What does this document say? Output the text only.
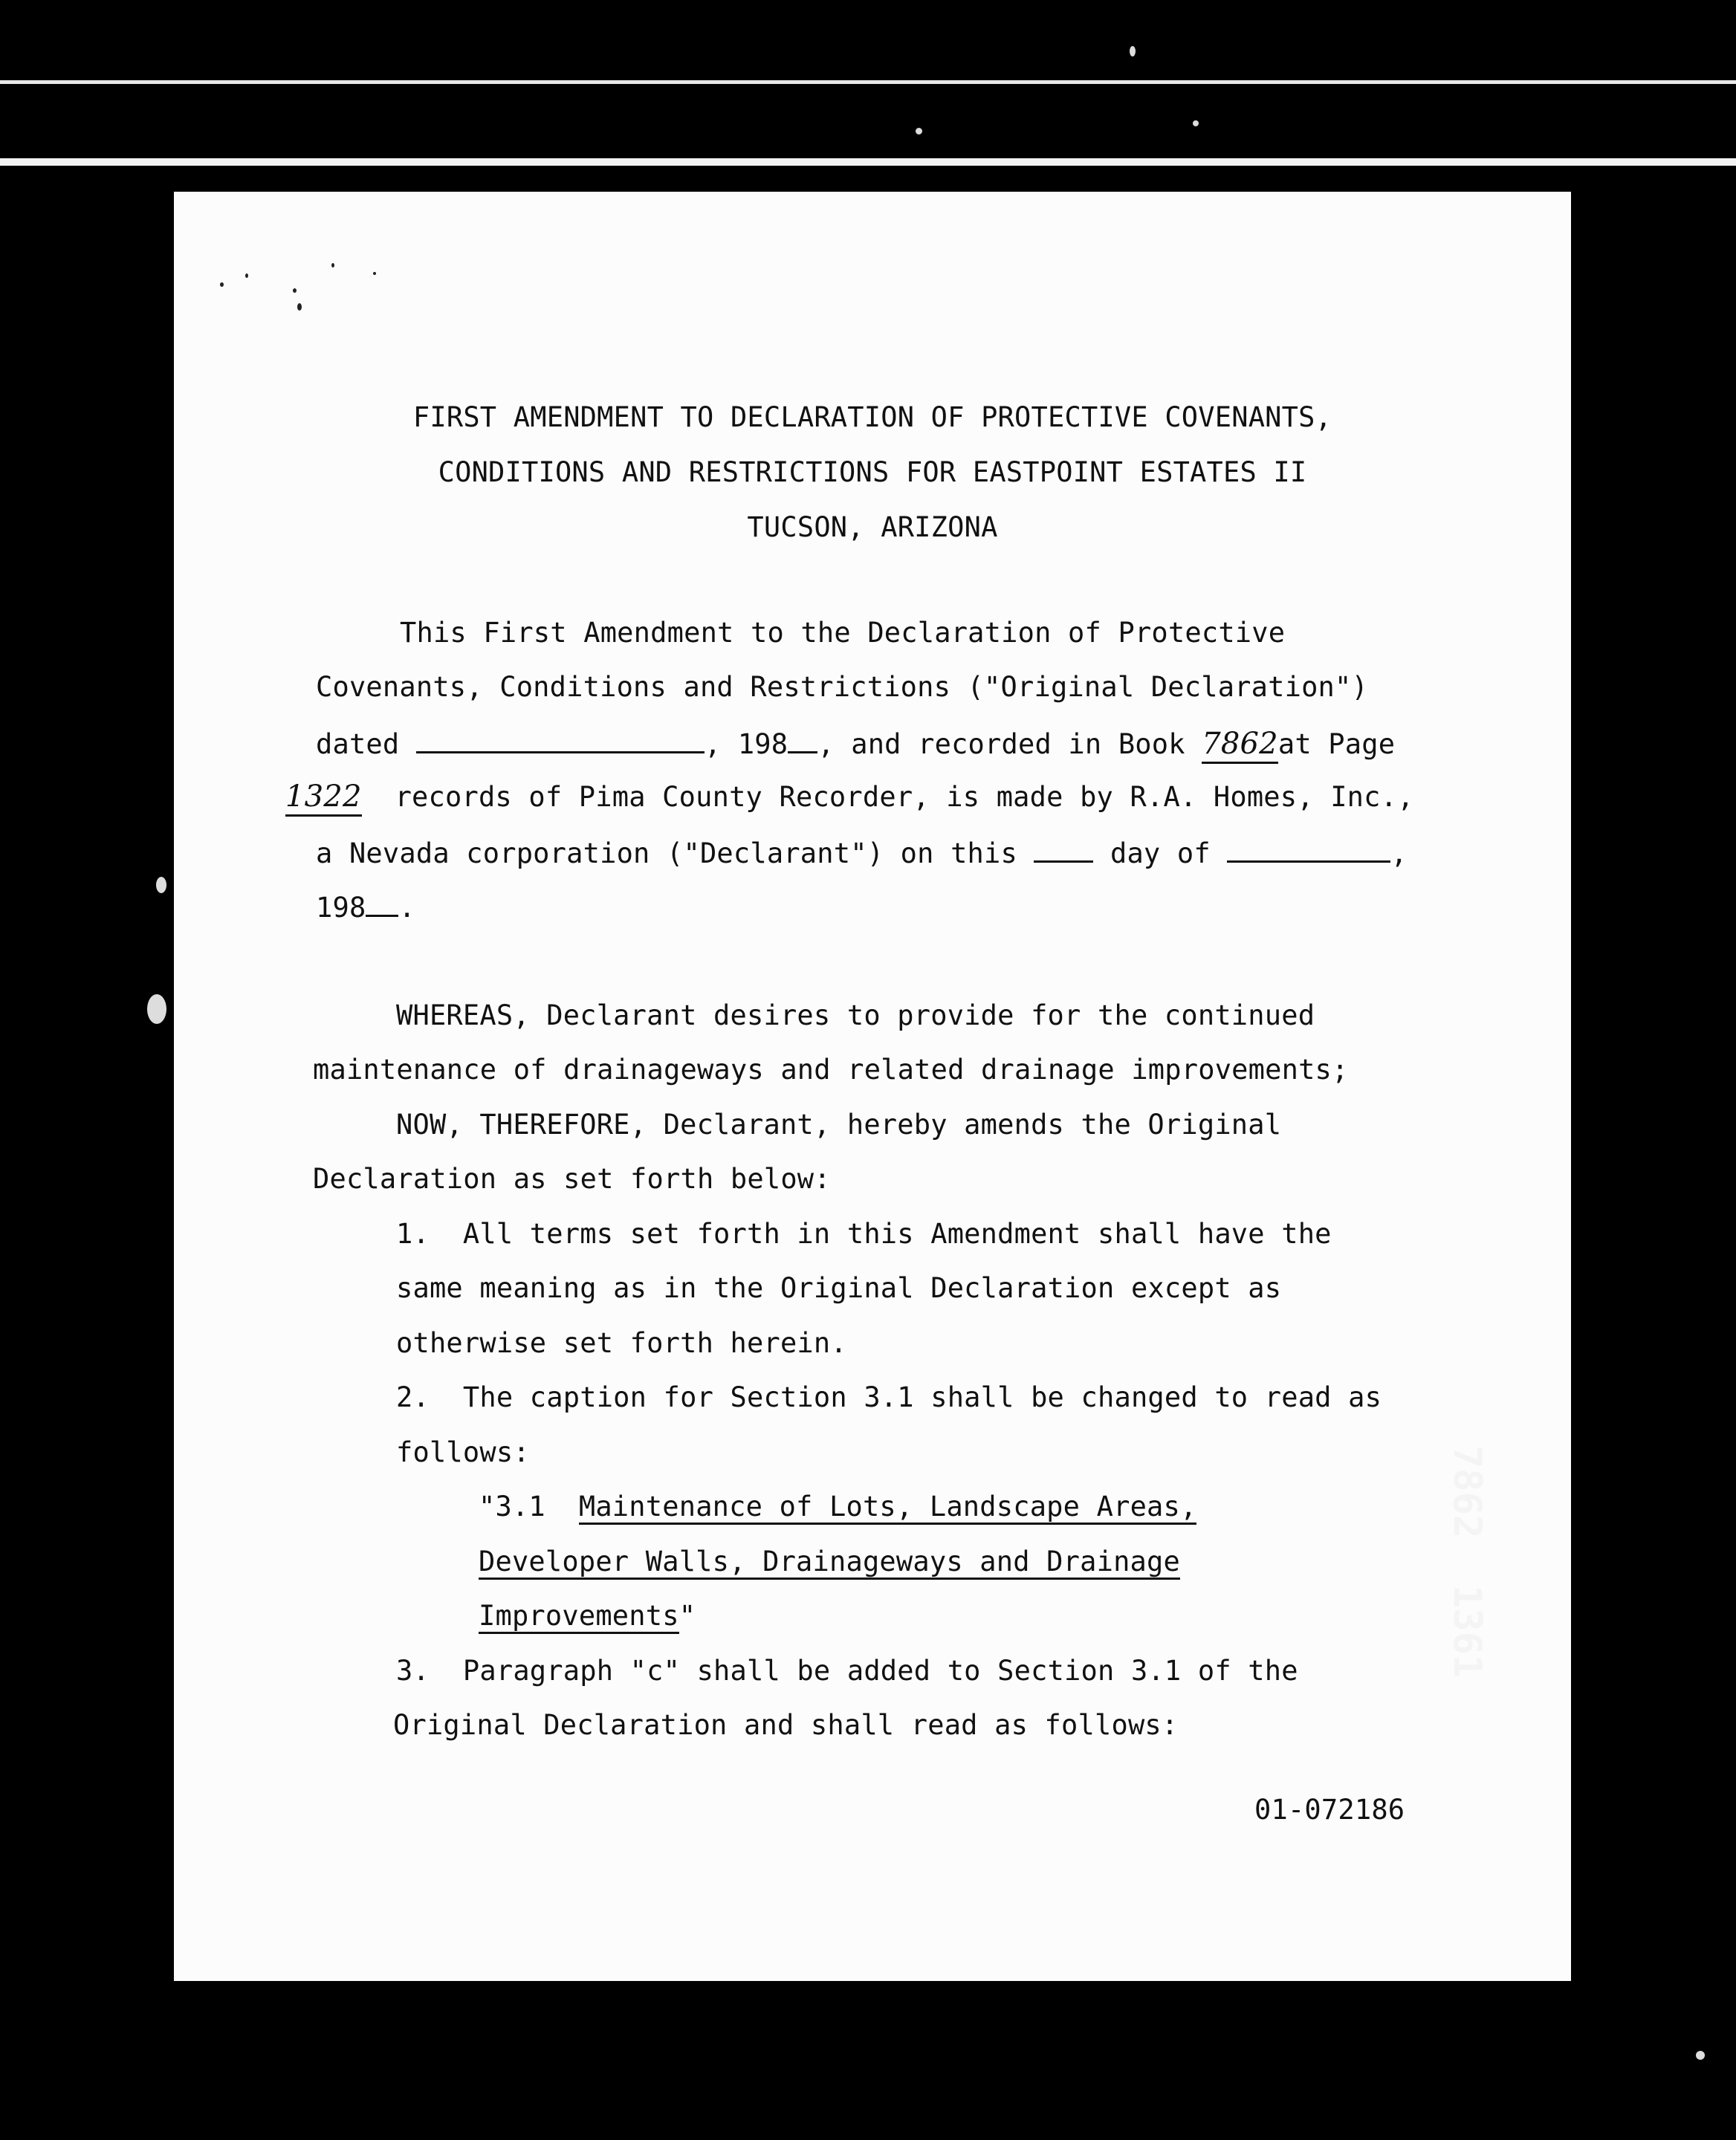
FIRST AMENDMENT TO DECLARATION OF PROTECTIVE COVENANTS,
CONDITIONS AND RESTRICTIONS FOR EASTPOINT ESTATES II
TUCSON, ARIZONA
This First Amendment to the Declaration of Protective
Covenants, Conditions and Restrictions ("Original Declaration")
dated	, 198 , and recorded in Book 7862at Page
1322 records of Pima County Recorder, is made by R.A. Homes, Inc.,
a Nevada corporation ("Declarant") on this	day of	,
198 .
WHEREAS, Declarant desires to provide for the continued
maintenance of drainageways and related drainage improvements;
NOW, THEREFORE, Declarant, hereby amends the Original
Declaration as set forth below:
1.  All terms set forth in this Amendment shall have the
same meaning as in the Original Declaration except as
otherwise set forth herein.
2.  The caption for Section 3.1 shall be changed to read as
follows:
"3.1 Maintenance of Lots, Landscape Areas,
Developer Walls, Drainageways and Drainage
Improvements"
3.  Paragraph "c" shall be added to Section 3.1 of the
Original Declaration and shall read as follows:
01-072186
7862
1361
